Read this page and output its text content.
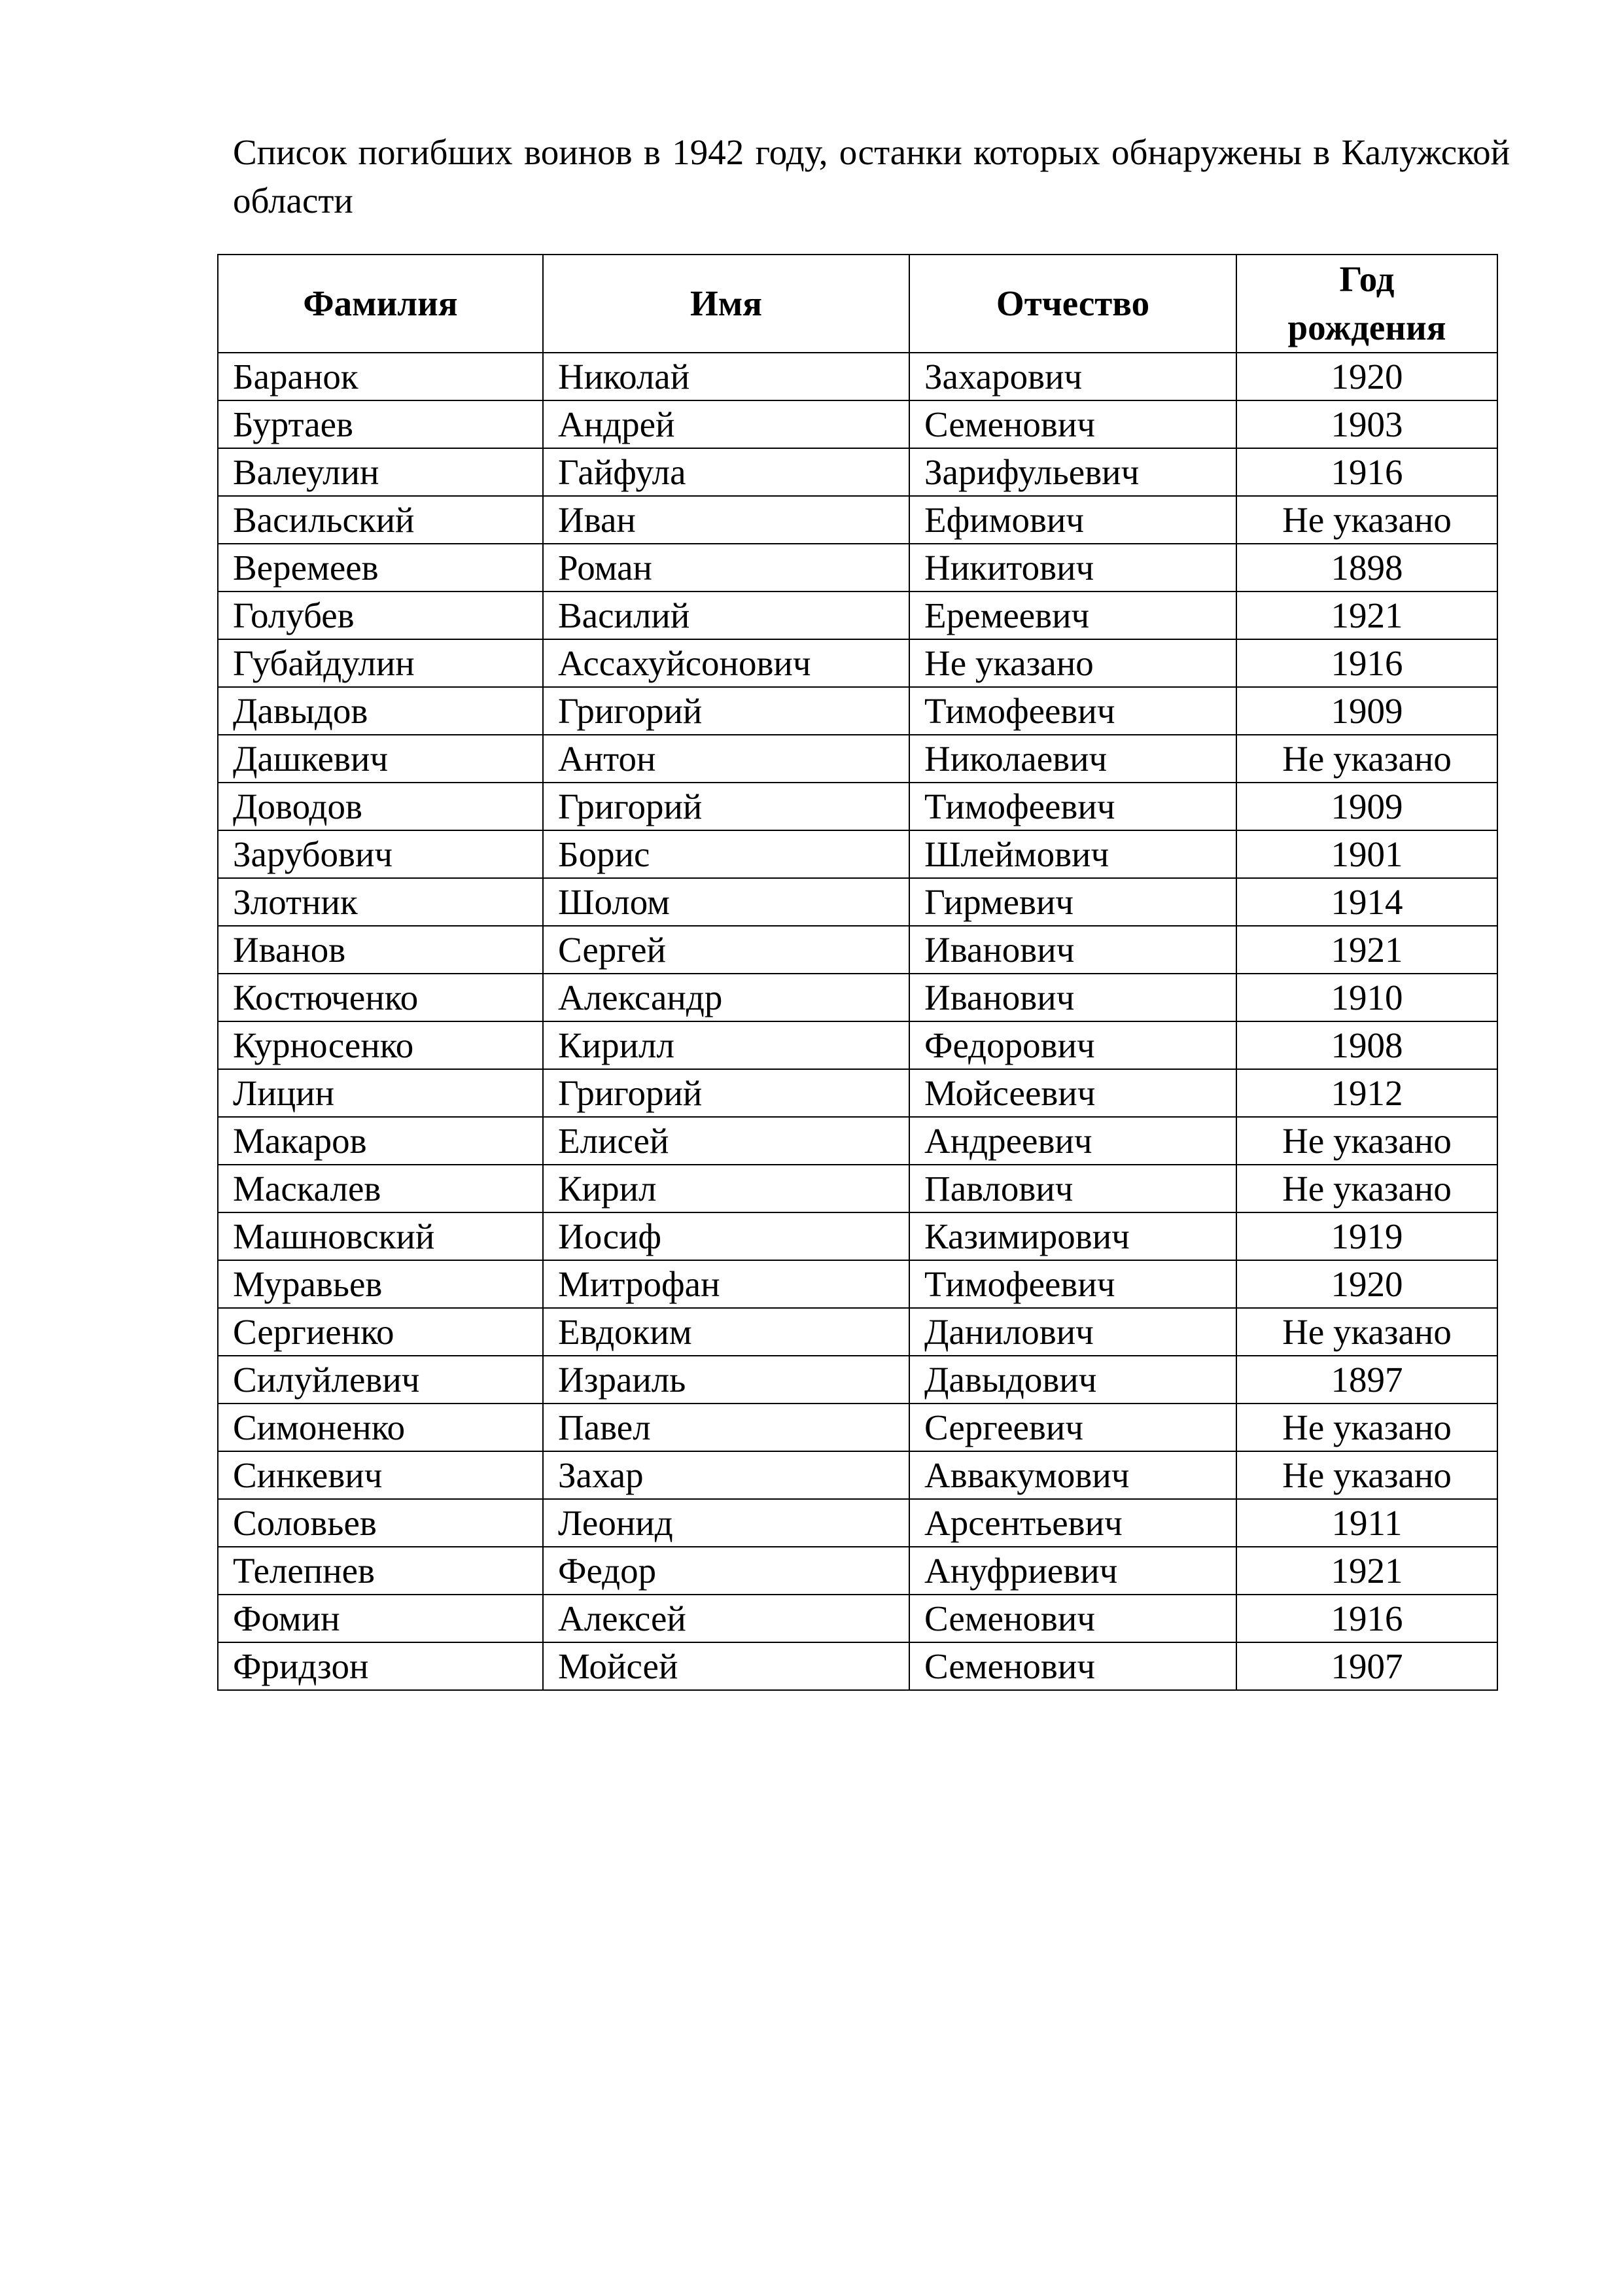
Список погибших воинов в 1942 году, останки которых обнаружены в Калужской области

Фамилия	Имя	Отчество	Год рождения
Баранок	Николай	Захарович	1920
Буртаев	Андрей	Семенович	1903
Валеулин	Гайфула	Зарифульевич	1916
Васильский	Иван	Ефимович	Не указано
Веремеев	Роман	Никитович	1898
Голубев	Василий	Еремеевич	1921
Губайдулин	Ассахуйсонович	Не указано	1916
Давыдов	Григорий	Тимофеевич	1909
Дашкевич	Антон	Николаевич	Не указано
Доводов	Григорий	Тимофеевич	1909
Зарубович	Борис	Шлеймович	1901
Злотник	Шолом	Гирмевич	1914
Иванов	Сергей	Иванович	1921
Костюченко	Александр	Иванович	1910
Курносенко	Кирилл	Федорович	1908
Лицин	Григорий	Мойсеевич	1912
Макаров	Елисей	Андреевич	Не указано
Маскалев	Кирил	Павлович	Не указано
Машновский	Иосиф	Казимирович	1919
Муравьев	Митрофан	Тимофеевич	1920
Сергиенко	Евдоким	Данилович	Не указано
Силуйлевич	Израиль	Давыдович	1897
Симоненко	Павел	Сергеевич	Не указано
Синкевич	Захар	Аввакумович	Не указано
Соловьев	Леонид	Арсентьевич	1911
Телепнев	Федор	Ануфриевич	1921
Фомин	Алексей	Семенович	1916
Фридзон	Мойсей	Семенович	1907
